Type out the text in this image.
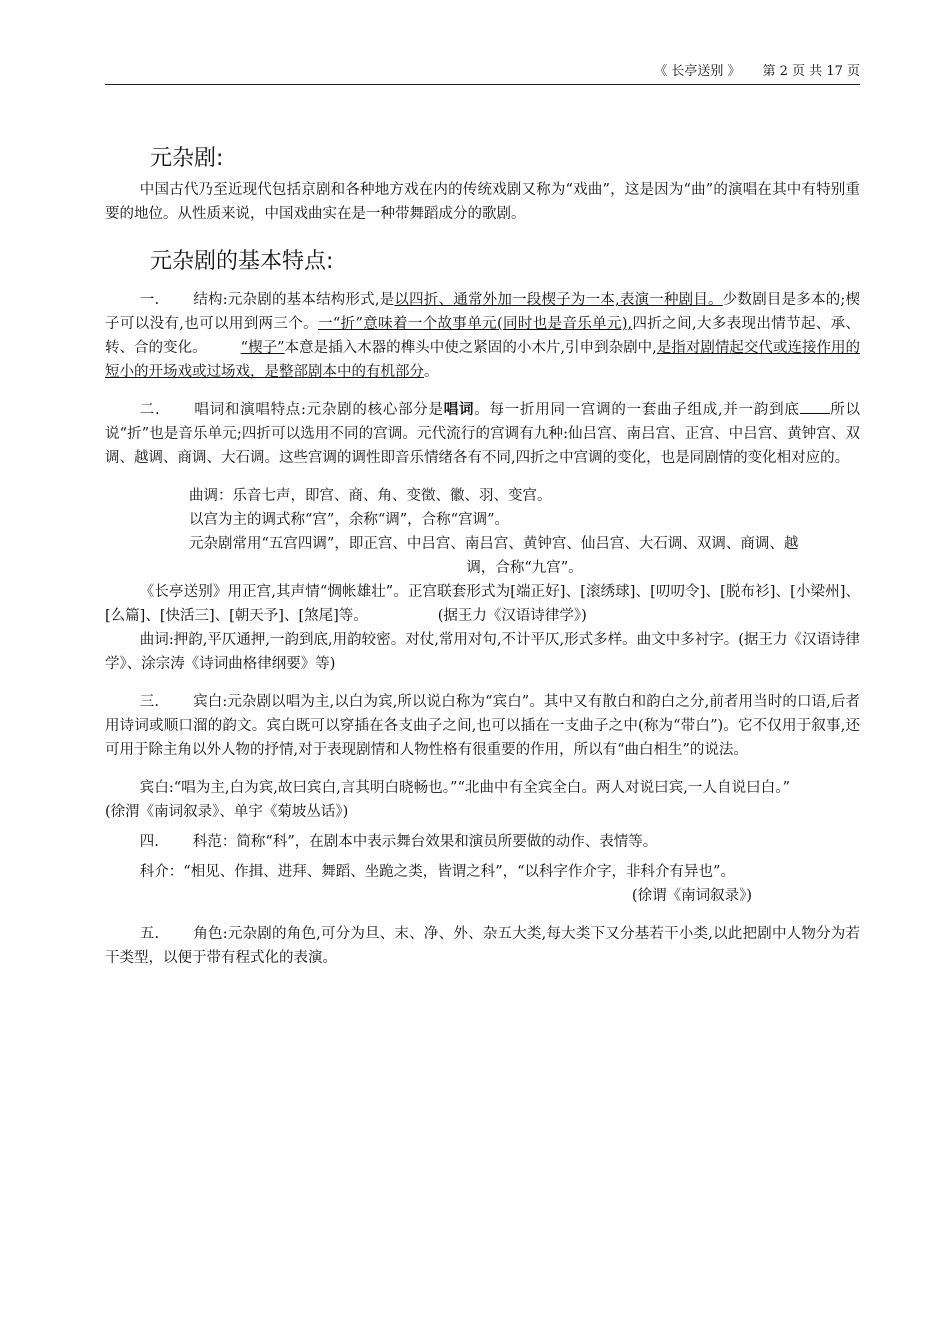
《 长亭送别 》 第 2 页 共 17 页
元杂剧:

中国古代乃至近现代包括京剧和各种地方戏在内的传统戏剧又称为“戏曲”，这是因为“曲”的演唱在其中有特别重要的地位。从性质来说，中国戏曲实在是一种带舞蹈成分的歌剧。

元杂剧的基本特点:

一. 结构:元杂剧的基本结构形式,是以四折、通常外加一段楔子为一本,表演一种剧目。少数剧目是多本的;楔子可以没有,也可以用到两三个。一“折”意味着一个故事单元(同时也是音乐单元),四折之间,大多表现出情节起、承、转、合的变化。 “楔子”本意是插入木器的榫头中使之紧固的小木片,引申到杂剧中,是指对剧情起交代或连接作用的短小的开场戏或过场戏，是整部剧本中的有机部分。

二. 唱词和演唱特点:元杂剧的核心部分是唱词。每一折用同一宫调的一套曲子组成,并一韵到底 所以说“折”也是音乐单元;四折可以选用不同的宫调。元代流行的宫调有九种:仙吕宫、南吕宫、正宫、中吕宫、黄钟宫、双调、越调、商调、大石调。这些宫调的调性即音乐情绪各有不同,四折之中宫调的变化，也是同剧情的变化相对应的。

曲调：乐音七声，即宫、商、角、变徵、徽、羽、变宫。

以宫为主的调式称“宫”，余称“调”，合称“宫调”。

元杂剧常用“五宫四调”，即正宫、中吕宫、南吕宫、黄钟宫、仙吕宫、大石调、双调、商调、越

调，合称“九宫”。

《长亭送别》用正宫,其声情“惆帐雄壮”。正宫联套形式为[端正好]、[滚绣球]、[叨叨令]、[脱布衫]、[小梁州]、[么篇]、[快活三]、[朝天予]、[煞尾]等。	(据王力《汉语诗律学》)

曲词:押韵,平仄通押,一韵到底,用韵较密。对仗,常用对句,不计平仄,形式多样。曲文中多衬字。(据王力《汉语诗律学》、涂宗涛《诗词曲格律纲要》等)

三. 宾白:元杂剧以唱为主,以白为宾,所以说白称为“宾白”。其中又有散白和韵白之分,前者用当时的口语,后者用诗词或顺口溜的韵文。宾白既可以穿插在各支曲子之间,也可以插在一支曲子之中(称为“带白”)。它不仅用于叙事,还可用于除主角以外人物的抒情,对于表现剧情和人物性格有很重要的作用，所以有“曲白相生”的说法。

宾白:“唱为主,白为宾,故曰宾白,言其明白晓畅也。”“北曲中有全宾全白。两人对说曰宾,一人自说曰白。”(徐渭《南词叙录》、单宇《菊坡丛话》)

四. 科范：简称“科”，在剧本中表示舞台效果和演员所要做的动作、表情等。

科介：“相见、作揖、进拜、舞蹈、坐跪之类，皆谓之科”，“以科字作介字，非科介有异也”。

(徐谓《南词叙录》)

五. 角色:元杂剧的角色,可分为旦、末、净、外、杂五大类,每大类下又分基若干小类,以此把剧中人物分为若干类型，以便于带有程式化的表演。
